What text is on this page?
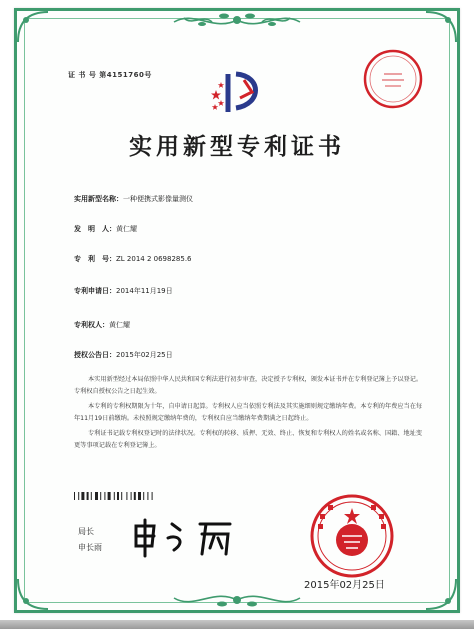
证 书 号 第4151760号
实用新型专利证书
实用新型名称：一种便携式影像量测仪
发　明　人：黄仁耀
专　利　号：ZL 2014 2 0698285.6
专利申请日：2014年11月19日
专利权人：黄仁耀
授权公告日：2015年02月25日

本实用新型经过本局依照中华人民共和国专利法进行初步审查，决定授予专利权，颁发本证书并在专利登记簿上予以登记。专利权自授权公告之日起生效。

本专利的专利权期限为十年，自申请日起算。专利权人应当依照专利法及其实施细则规定缴纳年费。本专利的年费应当在每年11月19日前缴纳。未按照规定缴纳年费的，专利权自应当缴纳年费期满之日起终止。

专利证书记载专利权登记时的法律状况。专利权的转移、质押、无效、终止、恢复和专利权人的姓名或名称、国籍、地址变更等事项记载在专利登记簿上。

局长
申长雨
2015年02月25日
